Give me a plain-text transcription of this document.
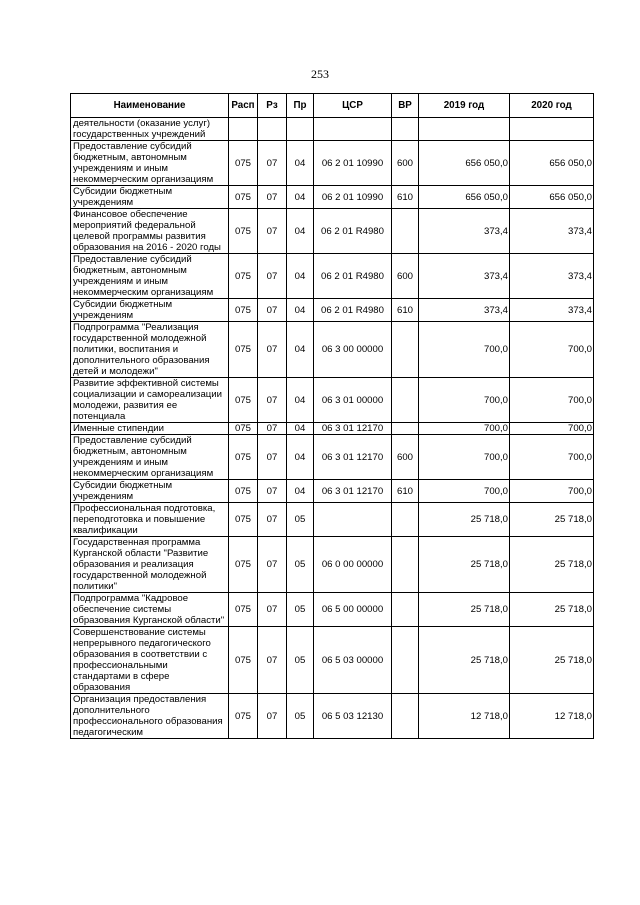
253
Наименование	Расп	Рз	Пр	ЦСР	ВР	2019 год	2020 год
деятельности (оказание услуг) государственных учреждений							
Предоставление субсидий бюджетным, автономным учреждениям и иным некоммерческим организациям	075	07	04	06 2 01 10990	600	656 050,0	656 050,0
Субсидии бюджетным учреждениям	075	07	04	06 2 01 10990	610	656 050,0	656 050,0
Финансовое обеспечение мероприятий федеральной целевой программы развития образования на 2016 - 2020 годы	075	07	04	06 2 01 R4980		373,4	373,4
Предоставление субсидий бюджетным, автономным учреждениям и иным некоммерческим организациям	075	07	04	06 2 01 R4980	600	373,4	373,4
Субсидии бюджетным учреждениям	075	07	04	06 2 01 R4980	610	373,4	373,4
Подпрограмма "Реализация государственной молодежной политики, воспитания и дополнительного образования детей и молодежи"	075	07	04	06 3 00 00000		700,0	700,0
Развитие эффективной системы социализации и самореализации молодежи, развития ее потенциала	075	07	04	06 3 01 00000		700,0	700,0
Именные стипендии	075	07	04	06 3 01 12170		700,0	700,0
Предоставление субсидий бюджетным, автономным учреждениям и иным некоммерческим организациям	075	07	04	06 3 01 12170	600	700,0	700,0
Субсидии бюджетным учреждениям	075	07	04	06 3 01 12170	610	700,0	700,0
Профессиональная подготовка, переподготовка и повышение квалификации	075	07	05			25 718,0	25 718,0
Государственная программа Курганской области "Развитие образования и реализация государственной молодежной политики"	075	07	05	06 0 00 00000		25 718,0	25 718,0
Подпрограмма "Кадровое обеспечение системы образования Курганской области"	075	07	05	06 5 00 00000		25 718,0	25 718,0
Совершенствование системы непрерывного педагогического образования в соответствии с профессиональными стандартами в сфере образования	075	07	05	06 5 03 00000		25 718,0	25 718,0
Организация предоставления дополнительного профессионального образования педагогическим	075	07	05	06 5 03 12130		12 718,0	12 718,0
